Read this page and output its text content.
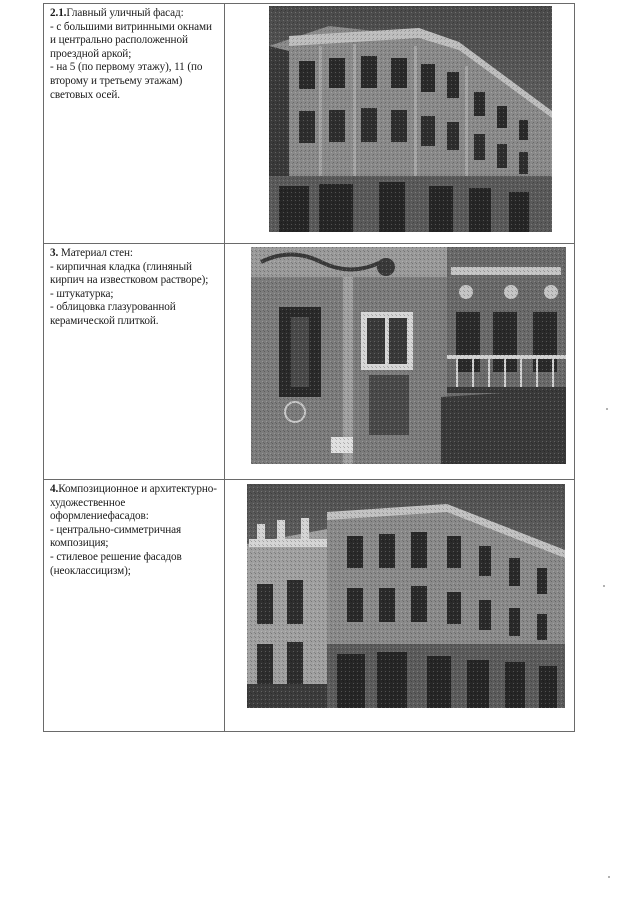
2.1.Главный уличный фасад:

- с большими витринными окнами и центрально расположенной проездной аркой;

- на 5 (по первому этажу), 11 (по второму и третьему этажам) световых осей.

3. Материал стен:

- кирпичная кладка (глиняный кирпич на известковом растворе);

- штукатурка;

- облицовка глазурованной керамической плиткой.

4.Композиционное и архитектурно-художественное оформлениефасадов:

- центрально-симметричная композиция;

- стилевое решение фасадов (неоклассицизм);
